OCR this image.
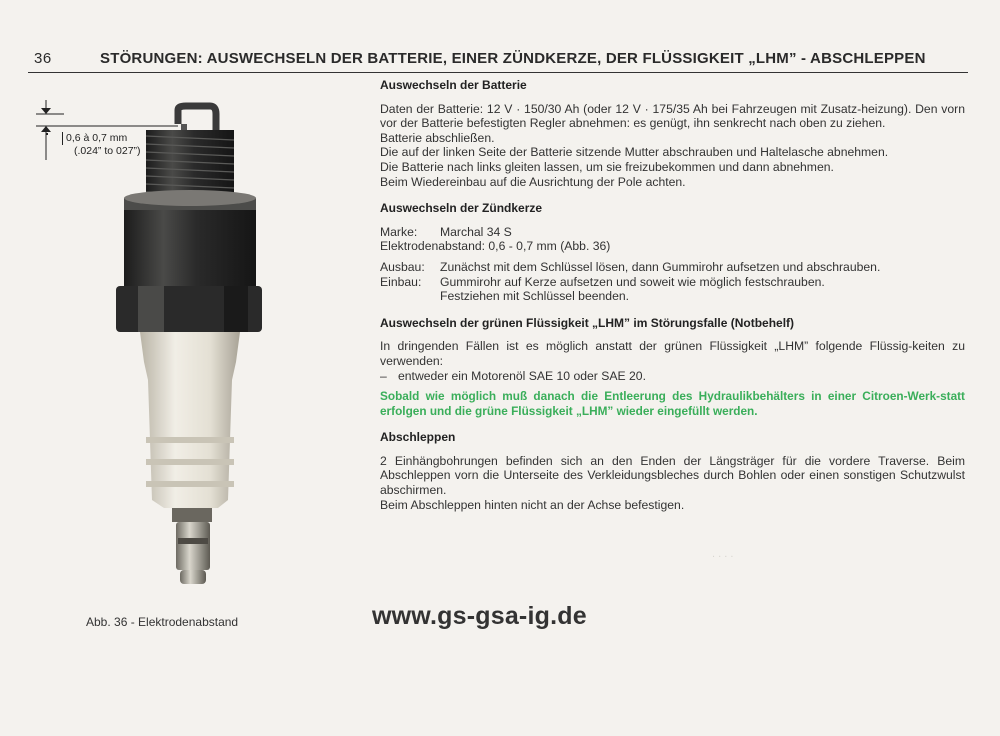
36	STÖRUNGEN: AUSWECHSELN DER BATTERIE, EINER ZÜNDKERZE, DER FLÜSSIGKEIT „LHM” - ABSCHLEPPEN
0,6 à 0,7 mm
(.024” to 027”)
Abb. 36 - Elektrodenabstand
. . . .
Auswechseln der Batterie

Daten der Batterie: 12 V · 150/30 Ah (oder 12 V · 175/35 Ah bei Fahrzeugen mit Zusatz-heizung). Den vorn vor der Batterie befestigten Regler abnehmen: es genügt, ihn senkrecht nach oben zu ziehen.

Batterie abschließen.

Die auf der linken Seite der Batterie sitzende Mutter abschrauben und Haltelasche abnehmen.

Die Batterie nach links gleiten lassen, um sie freizubekommen und dann abnehmen.

Beim Wiedereinbau auf die Ausrichtung der Pole achten.

Auswechseln der Zündkerze
Marke:	Marchal 34 S

Elektrodenabstand: 0,6 - 0,7 mm (Abb. 36)

Ausbau:	Zunächst mit dem Schlüssel lösen, dann Gummirohr aufsetzen und abschrauben.
Einbau:	Gummirohr auf Kerze aufsetzen und soweit wie möglich festschrauben.
Festziehen mit Schlüssel beenden.
Auswechseln der grünen Flüssigkeit „LHM” im Störungsfalle (Notbehelf)

In dringenden Fällen ist es möglich anstatt der grünen Flüssigkeit „LHM” folgende Flüssig-keiten zu verwenden:

– entweder ein Motorenöl SAE 10 oder SAE 20.

Sobald wie möglich muß danach die Entleerung des Hydraulikbehälters in einer Citroen-Werk-statt erfolgen und die grüne Flüssigkeit „LHM” wieder eingefüllt werden.

Abschleppen

2 Einhängbohrungen befinden sich an den Enden der Längsträger für die vordere Traverse. Beim Abschleppen vorn die Unterseite des Verkleidungsbleches durch Bohlen oder einen sonstigen Schutzwulst abschirmen.

Beim Abschleppen hinten nicht an der Achse befestigen.

www.gs-gsa-ig.de
